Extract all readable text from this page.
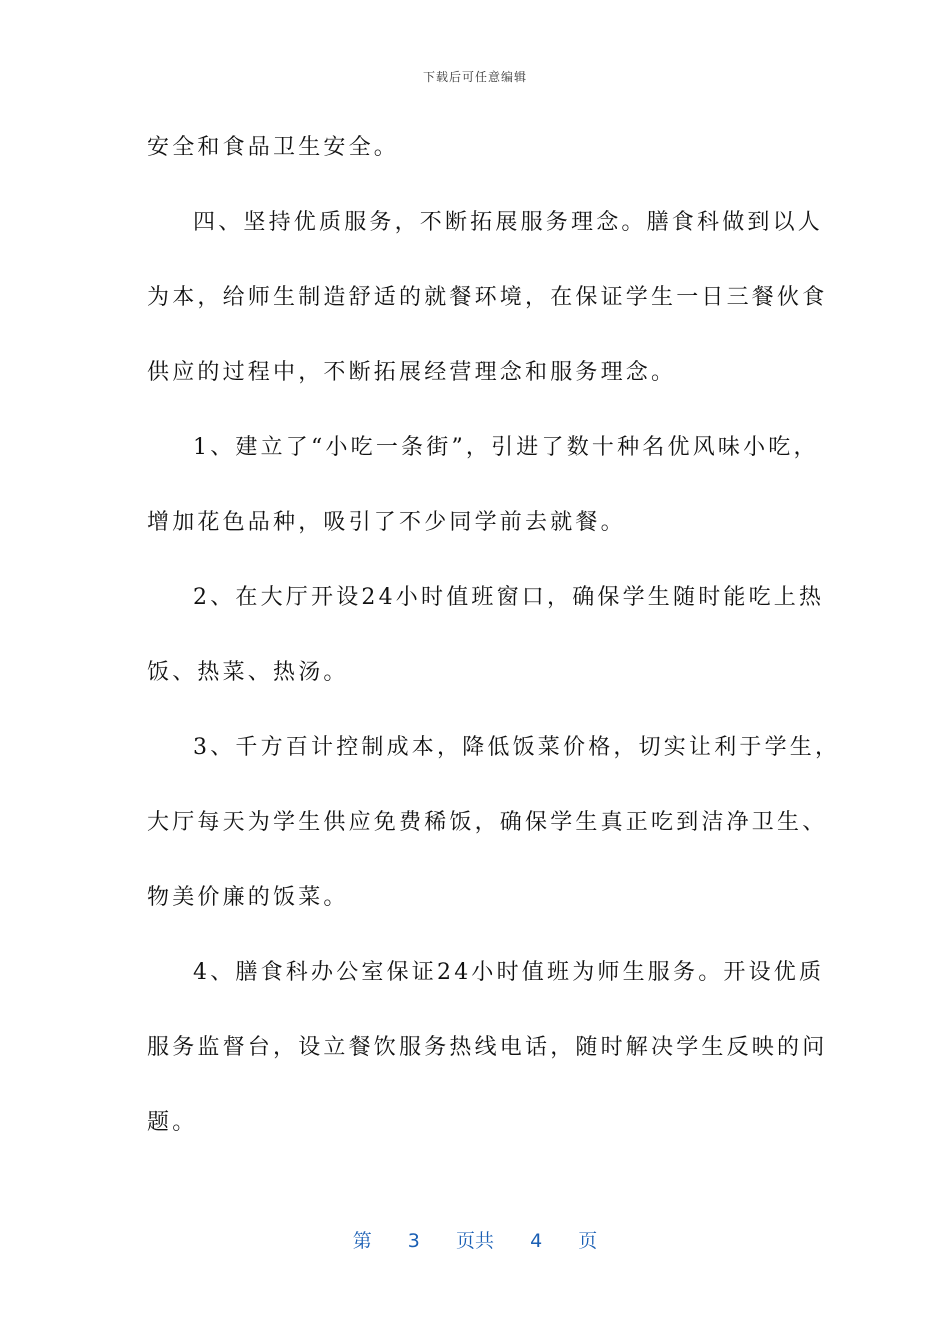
下载后可任意编辑
安全和食品卫生安全。
四、坚持优质服务，不断拓展服务理念。膳食科做到以人
为本，给师生制造舒适的就餐环境，在保证学生一日三餐伙食
供应的过程中，不断拓展经营理念和服务理念。
1、建立了“小吃一条街”，引进了数十种名优风味小吃，
增加花色品种，吸引了不少同学前去就餐。
2、在大厅开设24小时值班窗口，确保学生随时能吃上热
饭、热菜、热汤。
3、千方百计控制成本，降低饭菜价格，切实让利于学生，
大厅每天为学生供应免费稀饭，确保学生真正吃到洁净卫生、
物美价廉的饭菜。
4、膳食科办公室保证24小时值班为师生服务。开设优质
服务监督台，设立餐饮服务热线电话，随时解决学生反映的问
题。
第 3 页共 4 页
